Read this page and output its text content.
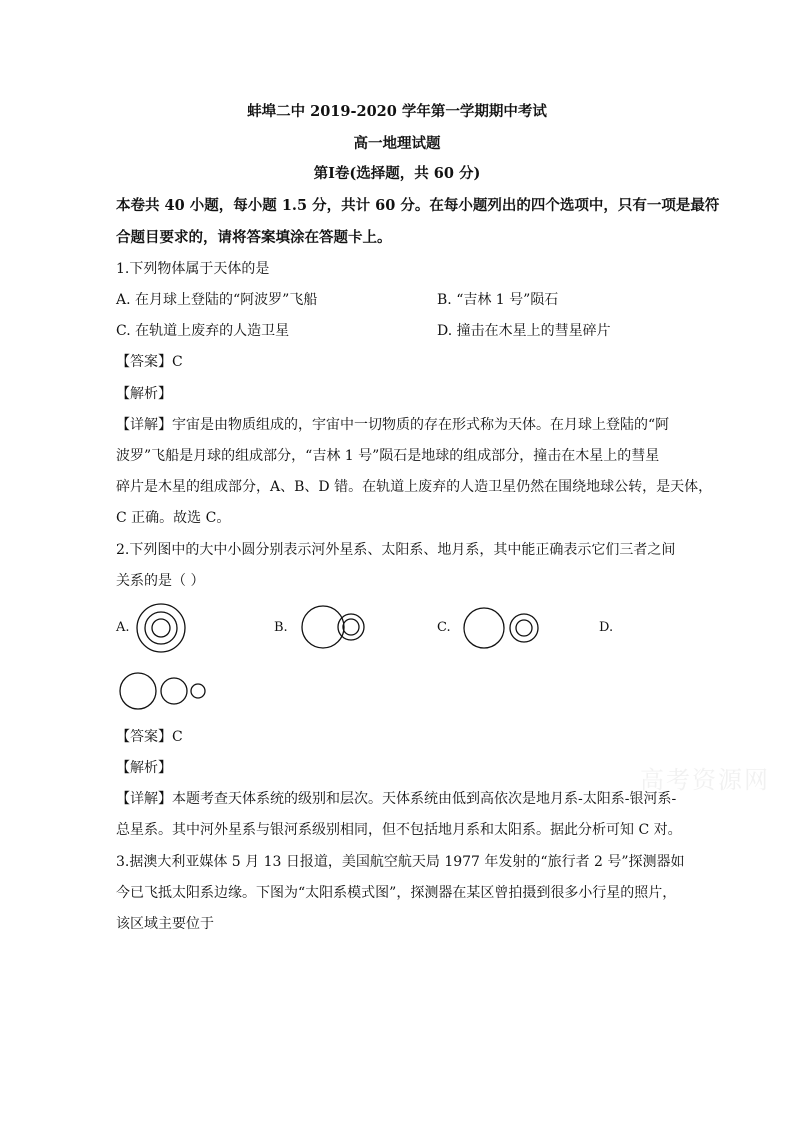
蚌埠二中 2019-2020 学年第一学期期中考试
高一地理试题
第Ⅰ卷(选择题，共 60 分)
本卷共 40 小题，每小题 1.5 分，共计 60 分。在每小题列出的四个选项中，只有一项是最符
合题目要求的，请将答案填涂在答题卡上。
1.下列物体属于天体的是
A. 在月球上登陆的“阿波罗”飞船	B. “吉林 1 号”陨石
C. 在轨道上废弃的人造卫星	D. 撞击在木星上的彗星碎片
【答案】C
【解析】
【详解】宇宙是由物质组成的，宇宙中一切物质的存在形式称为天体。在月球上登陆的“阿
波罗”飞船是月球的组成部分，“吉林 1 号”陨石是地球的组成部分，撞击在木星上的彗星
碎片是木星的组成部分，A、B、D 错。在轨道上废弃的人造卫星仍然在围绕地球公转，是天体，
C 正确。故选 C。
2.下列图中的大中小圆分别表示河外星系、太阳系、地月系，其中能正确表示它们三者之间
关系的是（ ）
A.	B.	C.	D.
【答案】C
【解析】
【详解】本题考查天体系统的级别和层次。天体系统由低到高依次是地月系-太阳系-银河系-
总星系。其中河外星系与银河系级别相同，但不包括地月系和太阳系。据此分析可知 C 对。
3.据澳大利亚媒体 5 月 13 日报道，美国航空航天局 1977 年发射的“旅行者 2 号”探测器如
今已飞抵太阳系边缘。下图为“太阳系模式图”，探测器在某区曾拍摄到很多小行星的照片，
该区域主要位于
高考资源网
